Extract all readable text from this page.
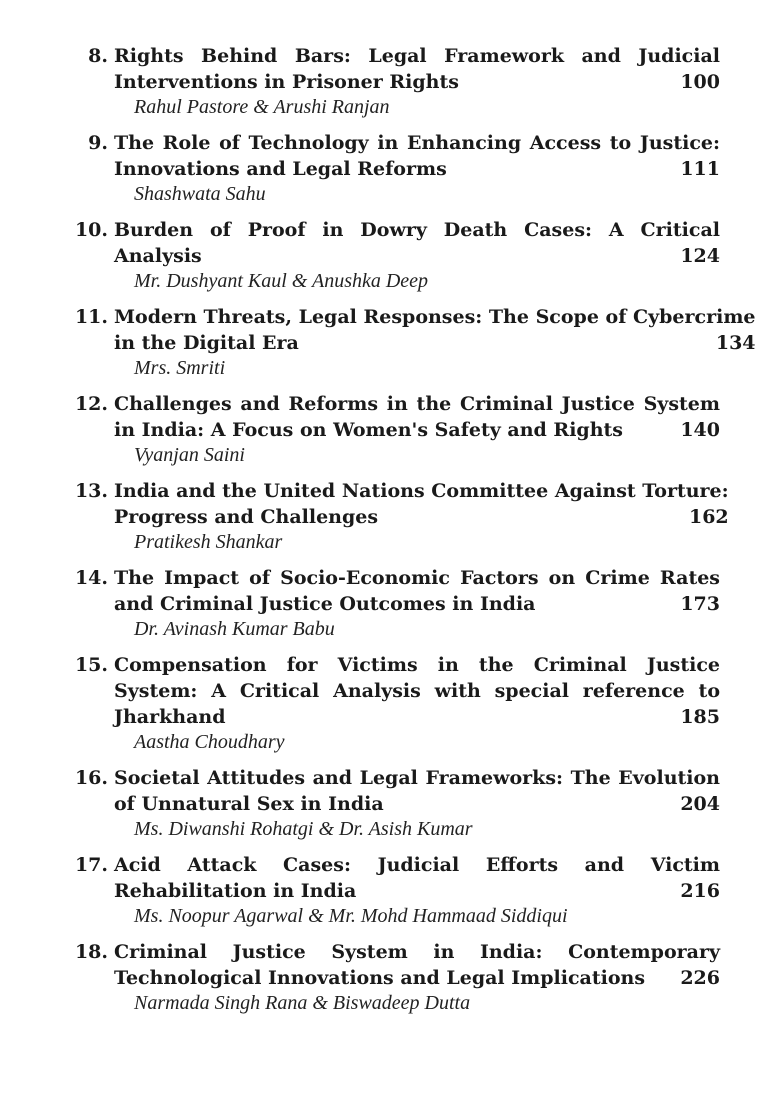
8. Rights Behind Bars: Legal Framework and Judicial
Interventions in Prisoner Rights	100
Rahul Pastore & Arushi Ranjan
9. The Role of Technology in Enhancing Access to Justice:
Innovations and Legal Reforms	111
Shashwata Sahu
10. Burden of Proof in Dowry Death Cases: A Critical
Analysis	124
Mr. Dushyant Kaul & Anushka Deep
11. Modern Threats, Legal Responses: The Scope of Cybercrime
in the Digital Era	134
Mrs. Smriti
12. Challenges and Reforms in the Criminal Justice System
in India: A Focus on Women's Safety and Rights	140
Vyanjan Saini
13. India and the United Nations Committee Against Torture:
Progress and Challenges	162
Pratikesh Shankar
14. The Impact of Socio-Economic Factors on Crime Rates
and Criminal Justice Outcomes in India	173
Dr. Avinash Kumar Babu
15. Compensation for Victims in the Criminal Justice
System: A Critical Analysis with special reference to
Jharkhand	185
Aastha Choudhary
16. Societal Attitudes and Legal Frameworks: The Evolution
of Unnatural Sex in India	204
Ms. Diwanshi Rohatgi & Dr. Asish Kumar
17. Acid Attack Cases: Judicial Efforts and Victim
Rehabilitation in India	216
Ms. Noopur Agarwal & Mr. Mohd Hammaad Siddiqui
18. Criminal Justice System in India: Contemporary
Technological Innovations and Legal Implications	226
Narmada Singh Rana & Biswadeep Dutta
